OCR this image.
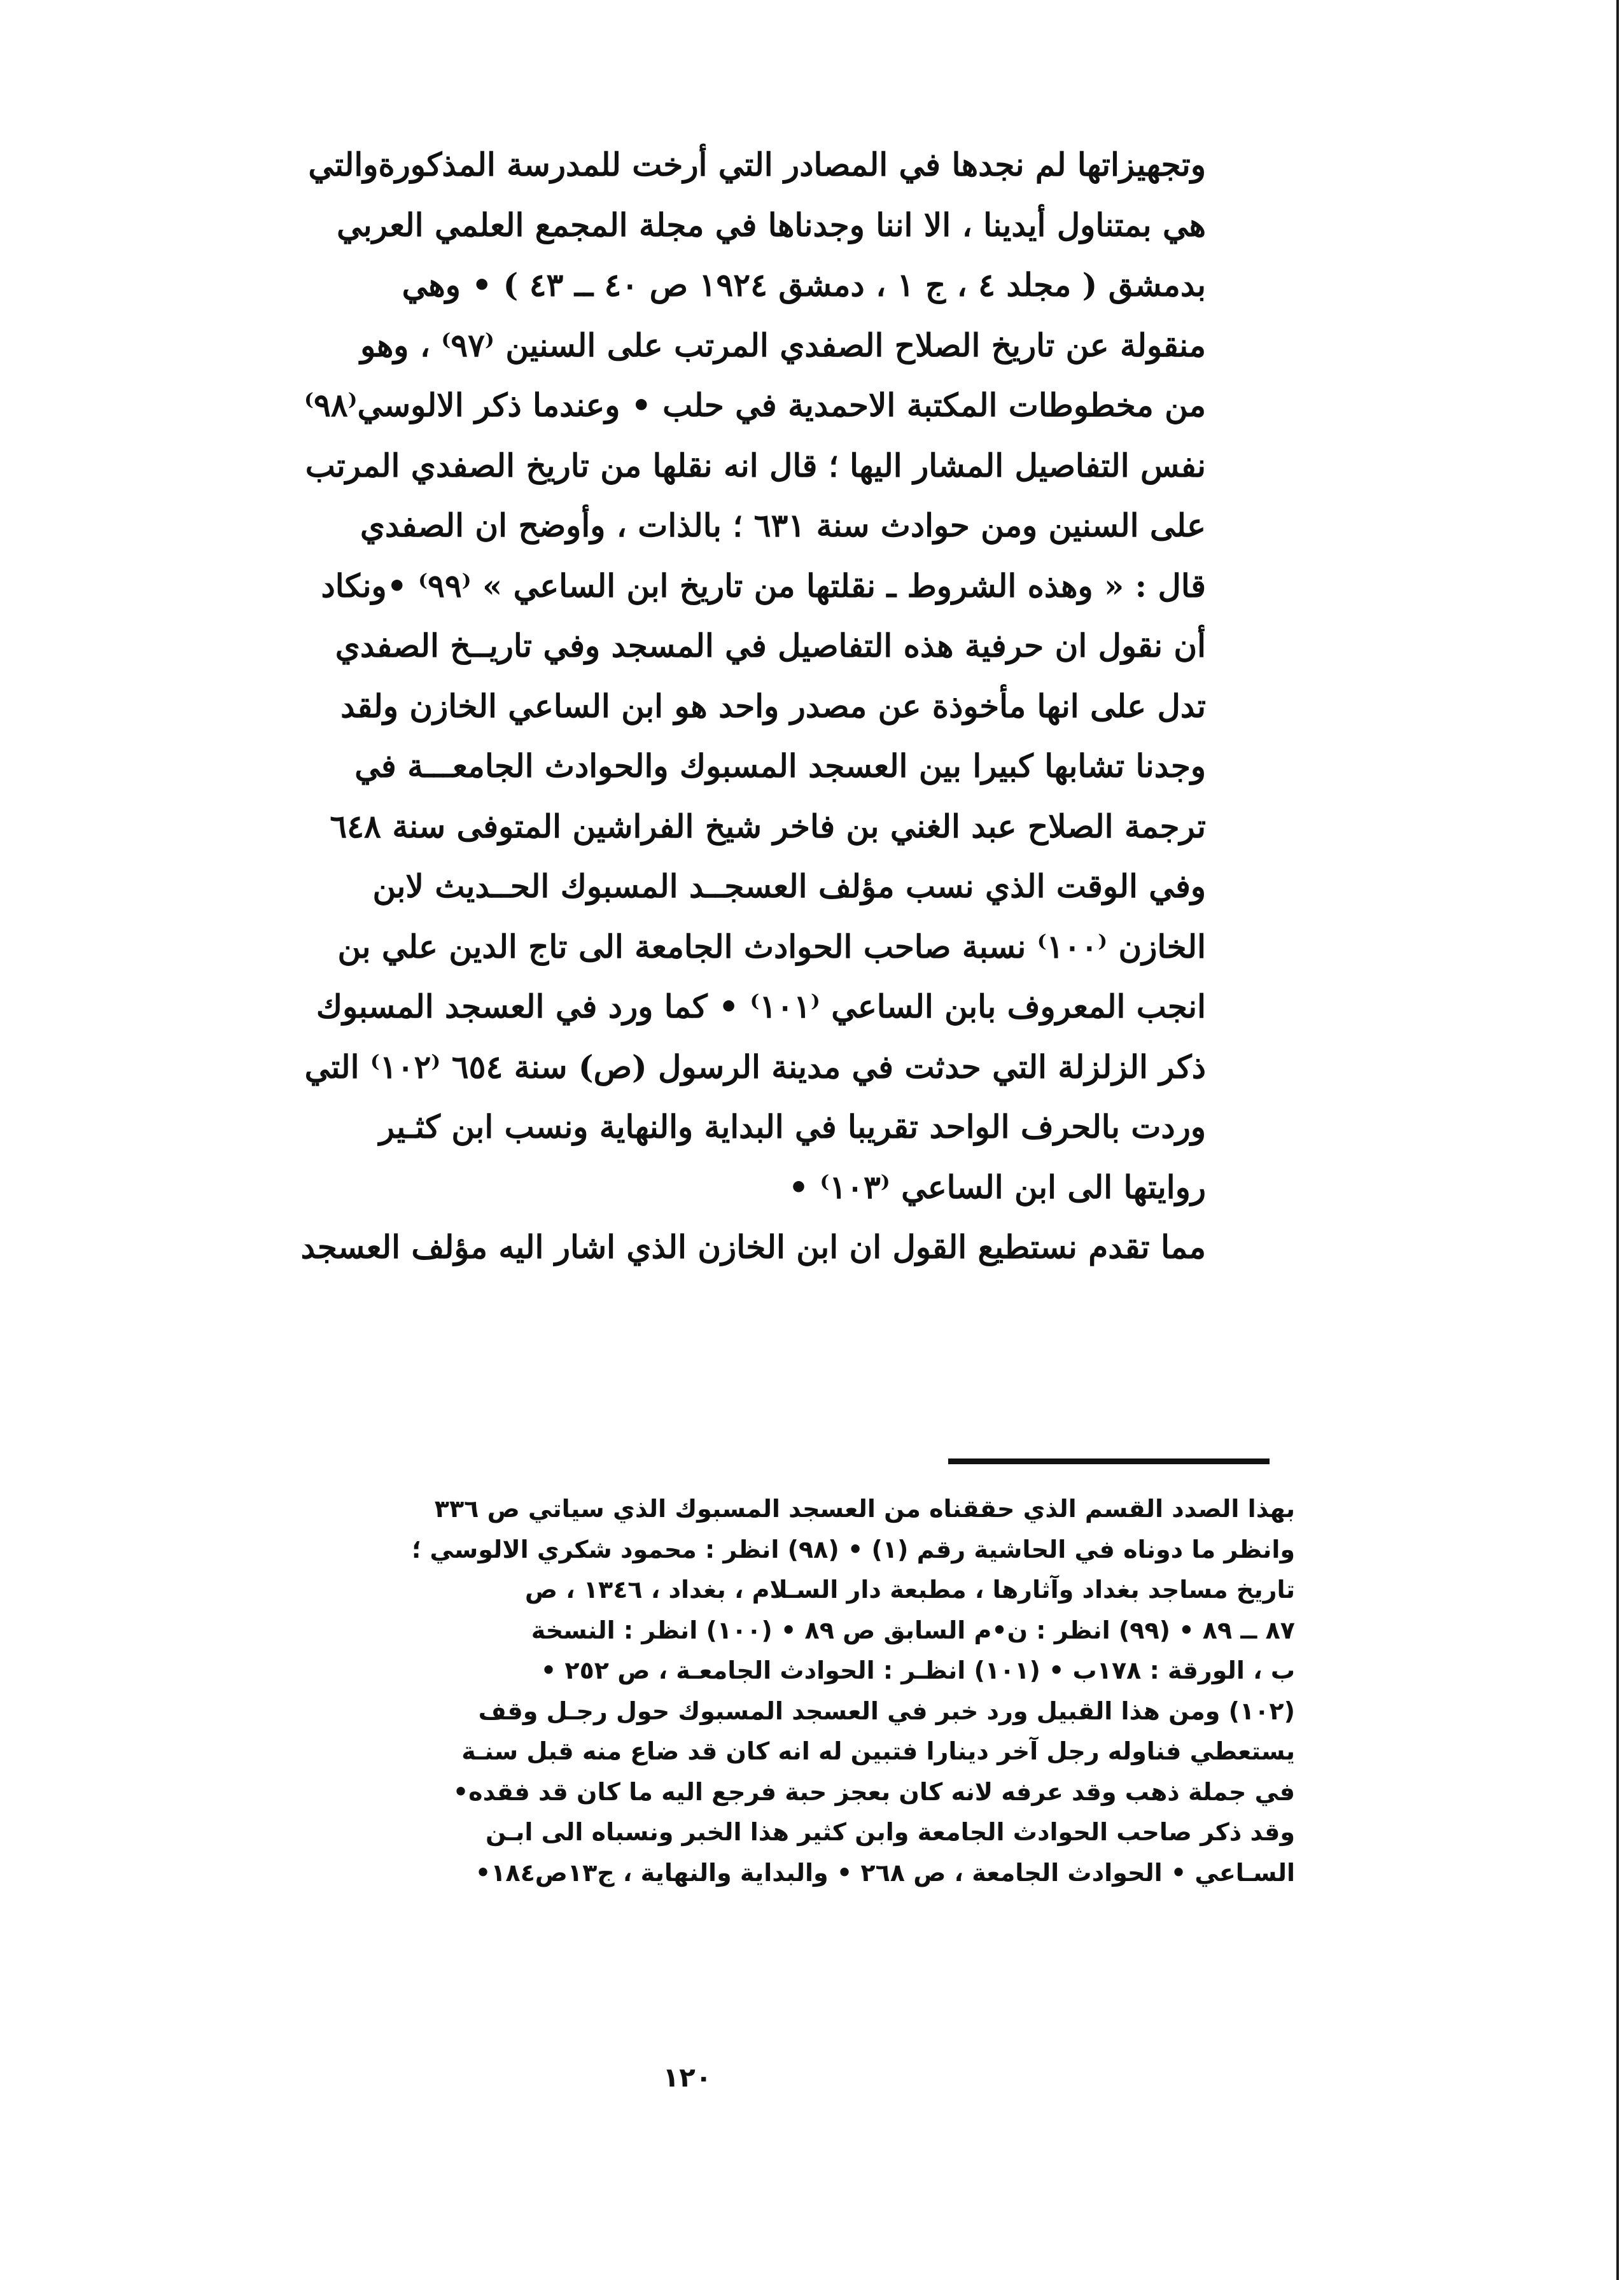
وتجهيزاتها لم نجدها في المصادر التي أرخت للمدرسة المذكورةوالتي
هي بمتناول أيدينا ، الا اننا وجدناها في مجلة المجمع العلمي العربي
بدمشق ( مجلد ٤ ، ج ١ ، دمشق ١٩٢٤ ص ٤٠ ــ ٤٣ ) • وهي
منقولة عن تاريخ الصلاح الصفدي المرتب على السنين ⁽٩٧⁾ ، وهو
من مخطوطات المكتبة الاحمدية في حلب • وعندما ذكر الالوسي⁽٩٨⁾
نفس التفاصيل المشار اليها ؛ قال انه نقلها من تاريخ الصفدي المرتب
على السنين ومن حوادث سنة ٦٣١ ؛ بالذات ، وأوضح ان الصفدي
قال : « وهذه الشروط ـ نقلتها من تاريخ ابن الساعي » ⁽٩٩⁾ •ونكاد
أن نقول ان حرفية هذه التفاصيل في المسجد وفي تاريــخ الصفدي
تدل على انها مأخوذة عن مصدر واحد هو ابن الساعي الخازن ولقد
وجدنا تشابها كبيرا بين العسجد المسبوك والحوادث الجامعـــة في
ترجمة الصلاح عبد الغني بن فاخر شيخ الفراشين المتوفى سنة ٦٤٨
وفي الوقت الذي نسب مؤلف العسجــد المسبوك الحــديث لابن
الخازن ⁽١٠٠⁾ نسبة صاحب الحوادث الجامعة الى تاج الدين علي بن
انجب المعروف بابن الساعي ⁽١٠١⁾ • كما ورد في العسجد المسبوك
ذكر الزلزلة التي حدثت في مدينة الرسول (ص) سنة ٦٥٤ ⁽١٠٢⁾ التي
وردت بالحرف الواحد تقريبا في البداية والنهاية ونسب ابن كثـير
روايتها الى ابن الساعي ⁽١٠٣⁾ •
مما تقدم نستطيع القول ان ابن الخازن الذي اشار اليه مؤلف العسجد
بهذا الصدد القسم الذي حققناه من العسجد المسبوك الذي سياتي ص ٣٣٦
وانظر ما دوناه في الحاشية رقم (١) • (٩٨) انظر : محمود شكري الالوسي ؛
تاريخ مساجد بغداد وآثارها ، مطبعة دار السـلام ، بغداد ، ١٣٤٦ ، ص
٨٧ ــ ٨٩ • (٩٩) انظر : ن•م السابق ص ٨٩ • (١٠٠) انظر : النسخة
ب ، الورقة : ١٧٨ب • (١٠١) انظـر : الحوادث الجامعـة ، ص ٢٥٢ •
(١٠٢) ومن هذا القبيل ورد خبر في العسجد المسبوك حول رجـل وقف
يستعطي فناوله رجل آخر دينارا فتبين له انه كان قد ضاع منه قبل سنـة
في جملة ذهب وقد عرفه لانه كان بعجز حبة فرجع اليه ما كان قد فقده•
وقد ذكر صاحب الحوادث الجامعة وابن كثير هذا الخبر ونسباه الى ابـن
السـاعي • الحوادث الجامعة ، ص ٢٦٨ • والبداية والنهاية ، ج١٣ص١٨٤•
١٢٠
